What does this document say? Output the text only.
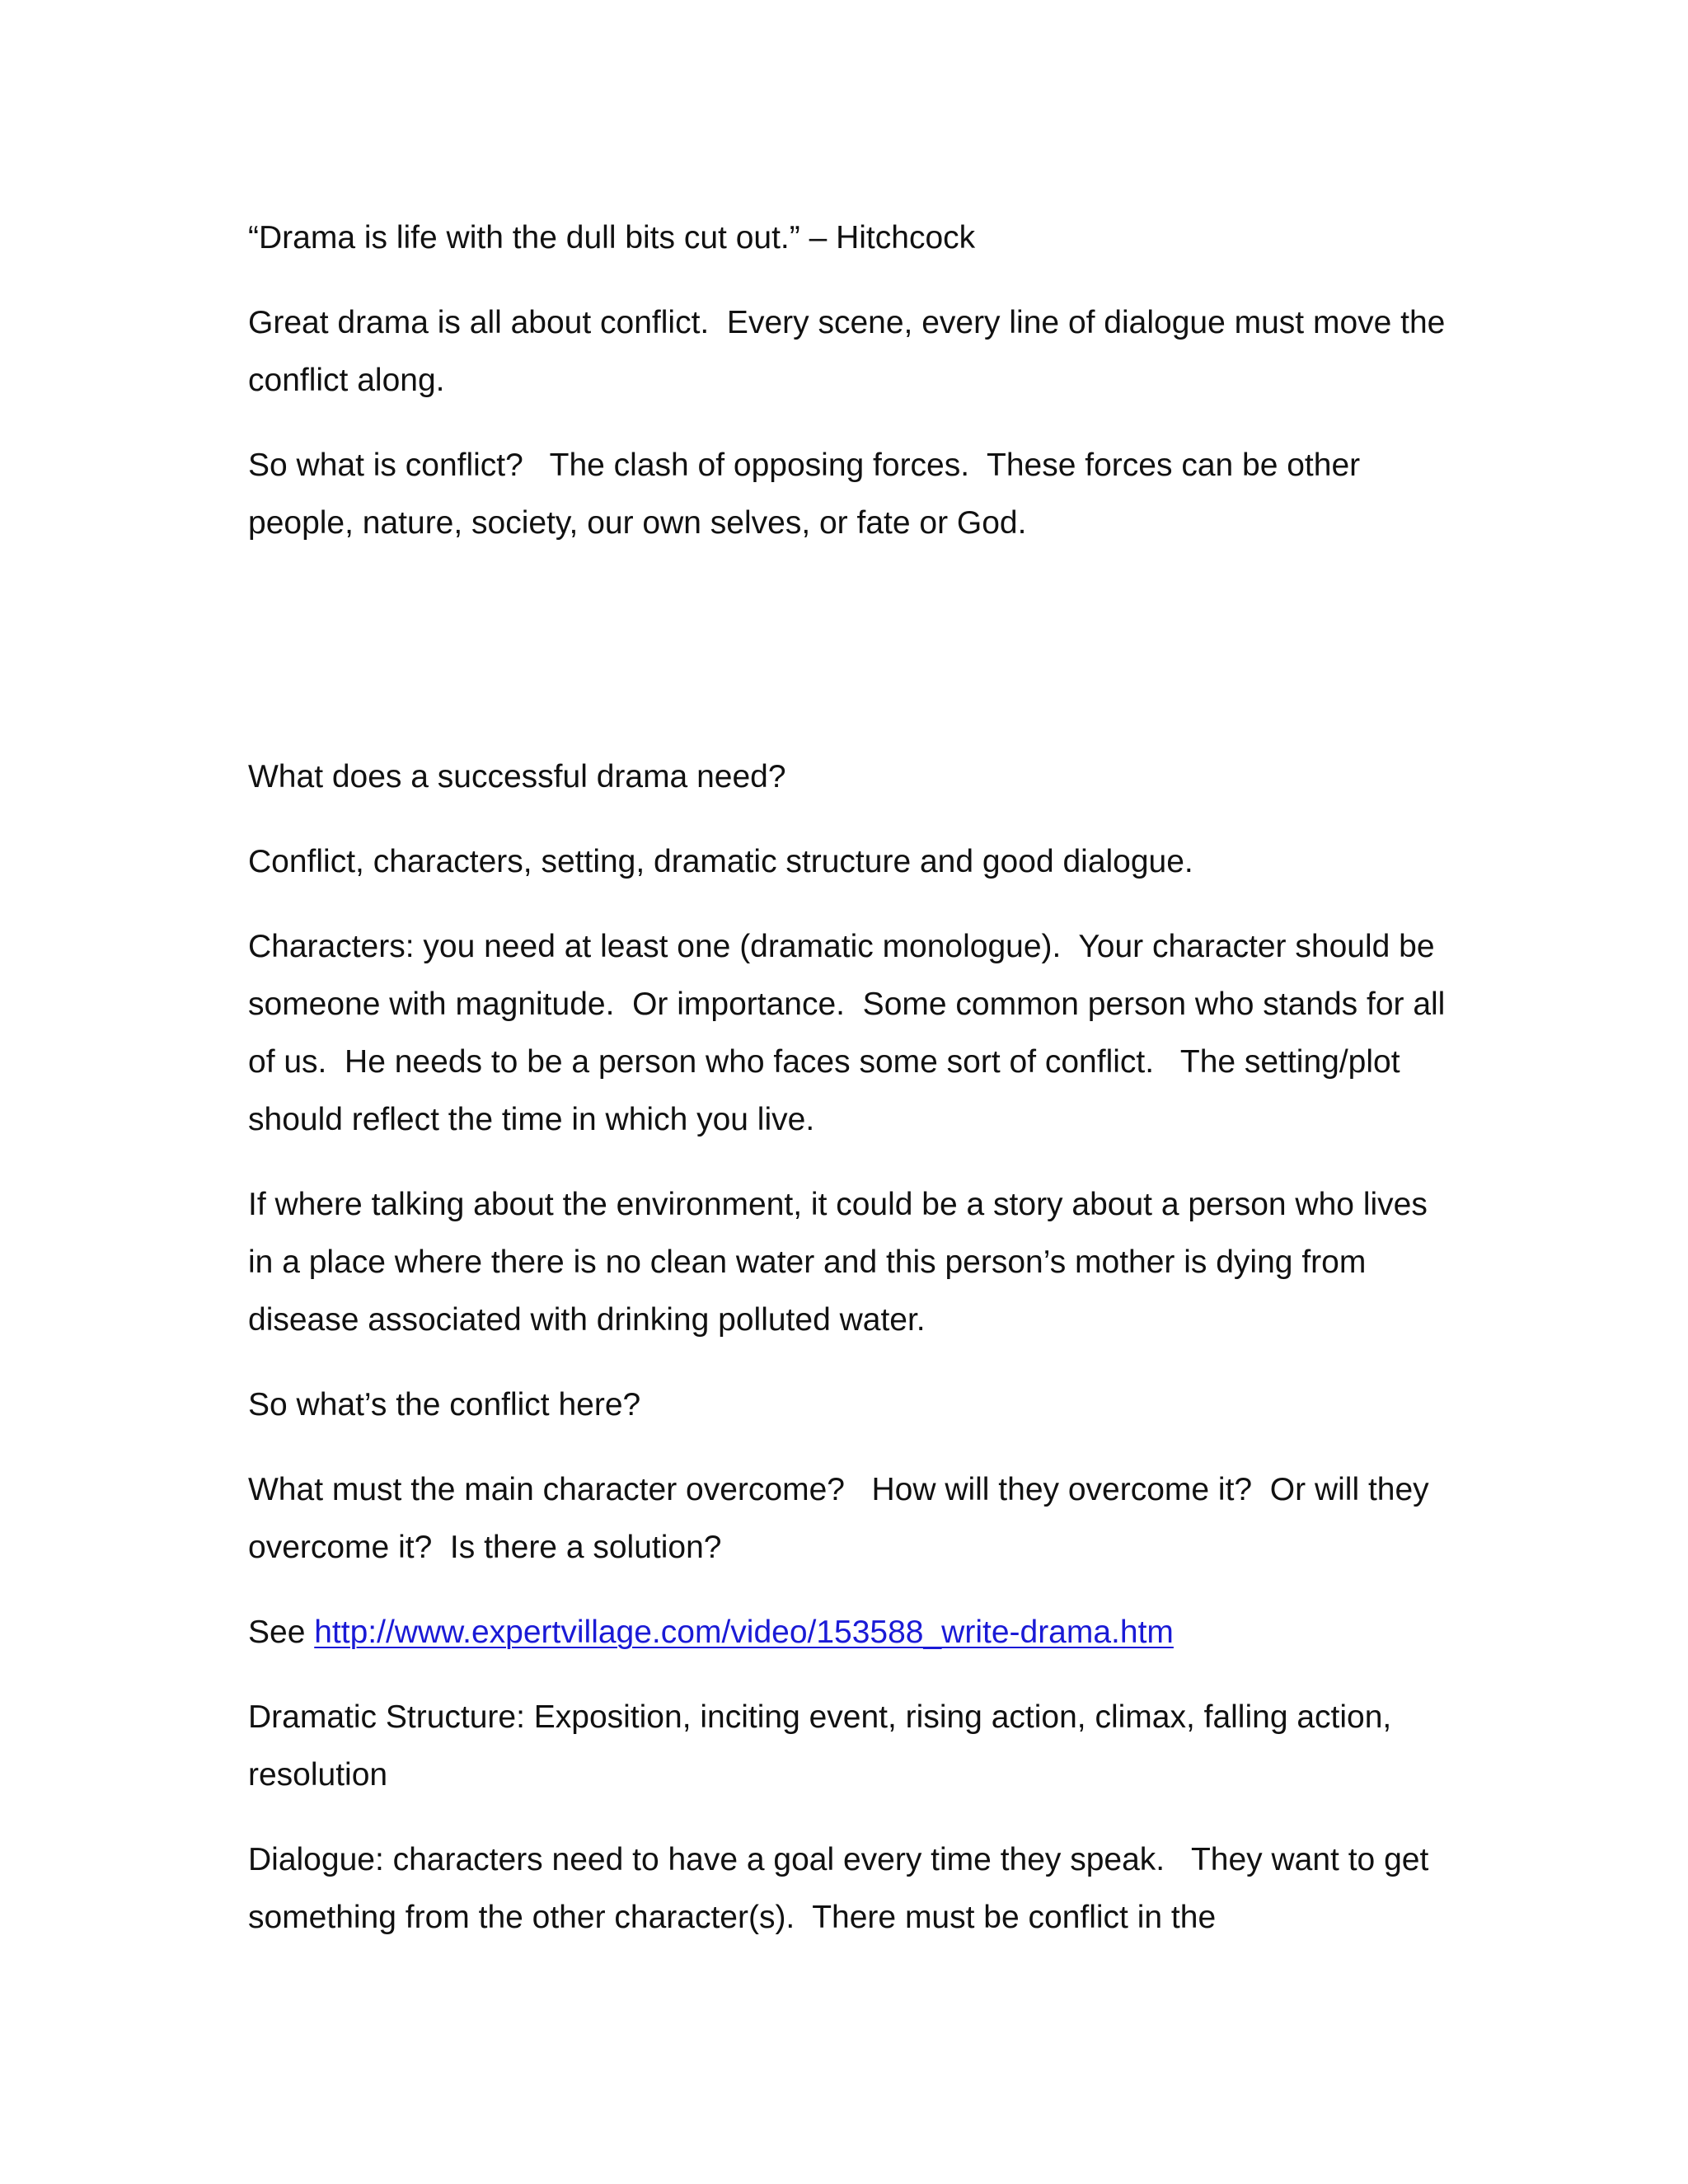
“Drama is life with the dull bits cut out.” – Hitchcock

Great drama is all about conflict.  Every scene, every line of dialogue must move the conflict along.

So what is conflict?   The clash of opposing forces.  These forces can be other people, nature, society, our own selves, or fate or God.

What does a successful drama need?

Conflict, characters, setting, dramatic structure and good dialogue.

Characters: you need at least one (dramatic monologue).  Your character should be someone with magnitude.  Or importance.  Some common person who stands for all of us.  He needs to be a person who faces some sort of conflict.   The setting/plot should reflect the time in which you live.

If where talking about the environment, it could be a story about a person who lives in a place where there is no clean water and this person’s mother is dying from disease associated with drinking polluted water.

So what’s the conflict here?

What must the main character overcome?   How will they overcome it?  Or will they overcome it?  Is there a solution?

See http://www.expertvillage.com/video/153588_write-drama.htm

Dramatic Structure: Exposition, inciting event, rising action, climax, falling action, resolution

Dialogue: characters need to have a goal every time they speak.   They want to get something from the other character(s).  There must be conflict in the
